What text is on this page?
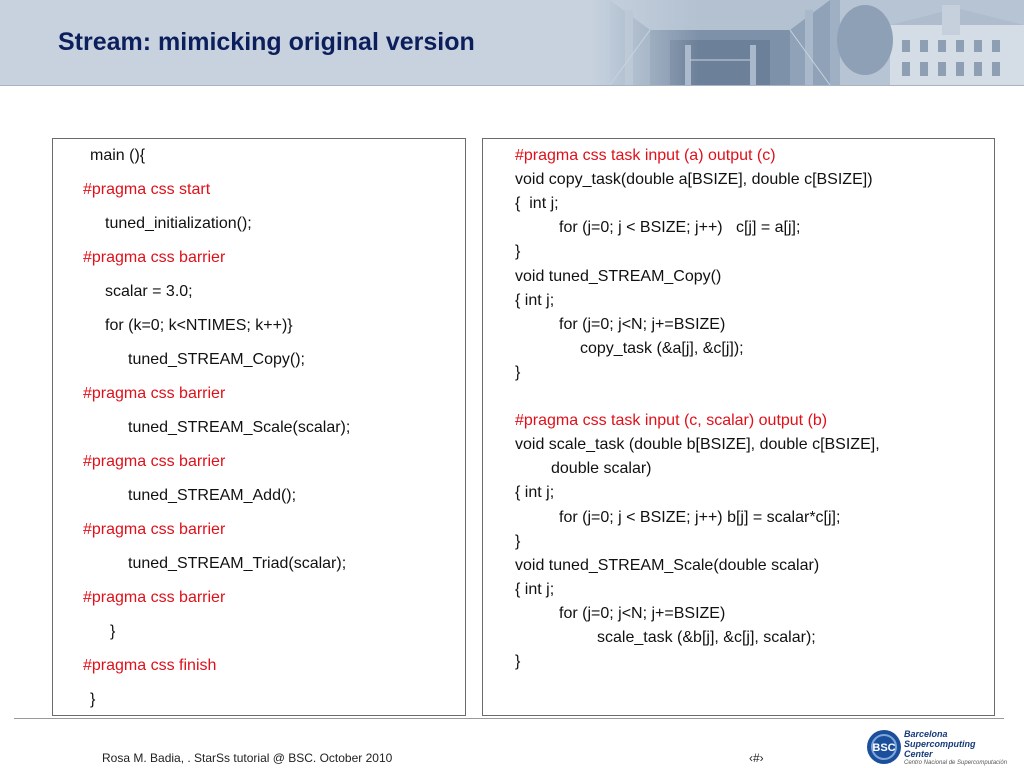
Stream: mimicking original version
main (){
#pragma css start
tuned_initialization();
#pragma css barrier
scalar = 3.0;
for (k=0; k<NTIMES; k++)}
tuned_STREAM_Copy();
#pragma css barrier
tuned_STREAM_Scale(scalar);
#pragma css barrier
tuned_STREAM_Add();
#pragma css barrier
tuned_STREAM_Triad(scalar);
#pragma css barrier
}
#pragma css finish
}
#pragma css task input (a) output (c)
void copy_task(double a[BSIZE], double c[BSIZE])
{  int j;
for (j=0; j < BSIZE; j++)   c[j] = a[j];
}
void tuned_STREAM_Copy()
{ int j;
for (j=0; j<N; j+=BSIZE)
copy_task (&a[j], &c[j]);
}
#pragma css task input (c, scalar) output (b)
void scale_task (double b[BSIZE], double c[BSIZE],
double scalar)
{ int j;
for (j=0; j < BSIZE; j++) b[j] = scalar*c[j];
}
void tuned_STREAM_Scale(double scalar)
{ int j;
for (j=0; j<N; j+=BSIZE)
scale_task (&b[j], &c[j], scalar);
}
Rosa M. Badia, . StarSs tutorial @ BSC. October 2010	‹#›
BSC
Barcelona
Supercomputing
Center
Centro Nacional de Supercomputación
